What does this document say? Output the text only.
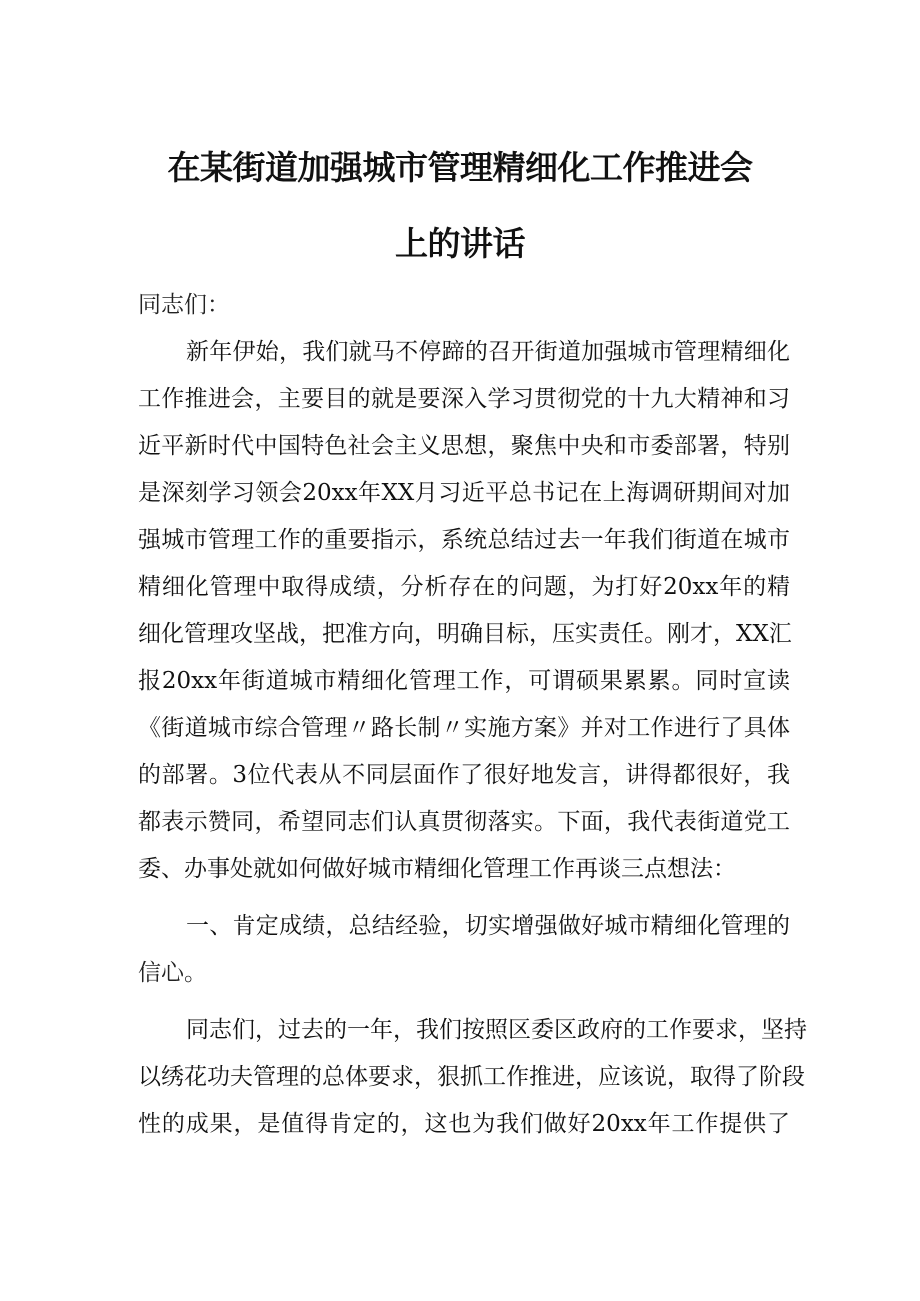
在某街道加强城市管理精细化工作推进会
上的讲话

同志们：

新年伊始，我们就马不停蹄的召开街道加强城市管理精细化
工作推进会，主要目的就是要深入学习贯彻党的十九大精神和习
近平新时代中国特色社会主义思想，聚焦中央和市委部署，特别
是深刻学习领会20xx年XX月习近平总书记在上海调研期间对加
强城市管理工作的重要指示，系统总结过去一年我们街道在城市
精细化管理中取得成绩，分析存在的问题，为打好20xx年的精
细化管理攻坚战，把准方向，明确目标，压实责任。刚才，XX汇
报20xx年街道城市精细化管理工作，可谓硕果累累。同时宣读
《街道城市综合管理〃路长制〃实施方案》并对工作进行了具体
的部署。3位代表从不同层面作了很好地发言，讲得都很好，我
都表示赞同，希望同志们认真贯彻落实。下面，我代表街道党工
委、办事处就如何做好城市精细化管理工作再谈三点想法：
一、肯定成绩，总结经验，切实增强做好城市精细化管理的
信心。
同志们，过去的一年，我们按照区委区政府的工作要求，坚持
以绣花功夫管理的总体要求，狠抓工作推进，应该说，取得了阶段
性的成果，是值得肯定的，这也为我们做好20xx年工作提供了
